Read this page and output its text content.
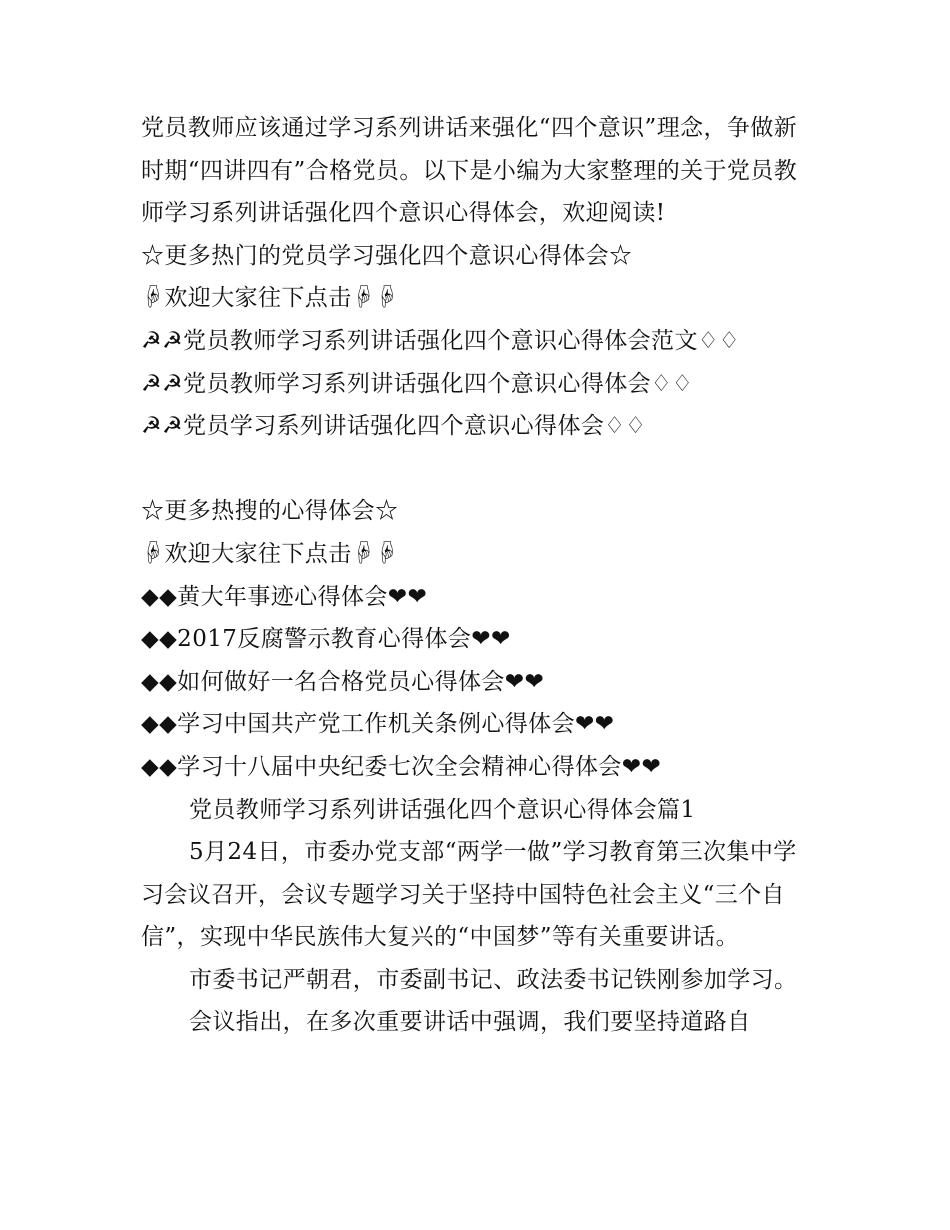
党员教师应该通过学习系列讲话来强化“四个意识”理念，争做新时期“四讲四有”合格党员。以下是小编为大家整理的关于党员教师学习系列讲话强化四个意识心得体会，欢迎阅读!
☆更多热门的党员学习强化四个意识心得体会☆
☟欢迎大家往下点击☟☟
☭☭党员教师学习系列讲话强化四个意识心得体会范文♢♢
☭☭党员教师学习系列讲话强化四个意识心得体会♢♢
☭☭党员学习系列讲话强化四个意识心得体会♢♢
☆更多热搜的心得体会☆
☟欢迎大家往下点击☟☟
◆◆黄大年事迹心得体会❤❤
◆◆2017反腐警示教育心得体会❤❤
◆◆如何做好一名合格党员心得体会❤❤
◆◆学习中国共产党工作机关条例心得体会❤❤
◆◆学习十八届中央纪委七次全会精神心得体会❤❤
党员教师学习系列讲话强化四个意识心得体会篇1
5月24日，市委办党支部“两学一做”学习教育第三次集中学习会议召开，会议专题学习关于坚持中国特色社会主义“三个自信”，实现中华民族伟大复兴的“中国梦”等有关重要讲话。
市委书记严朝君，市委副书记、政法委书记铁刚参加学习。
会议指出，在多次重要讲话中强调，我们要坚持道路自
